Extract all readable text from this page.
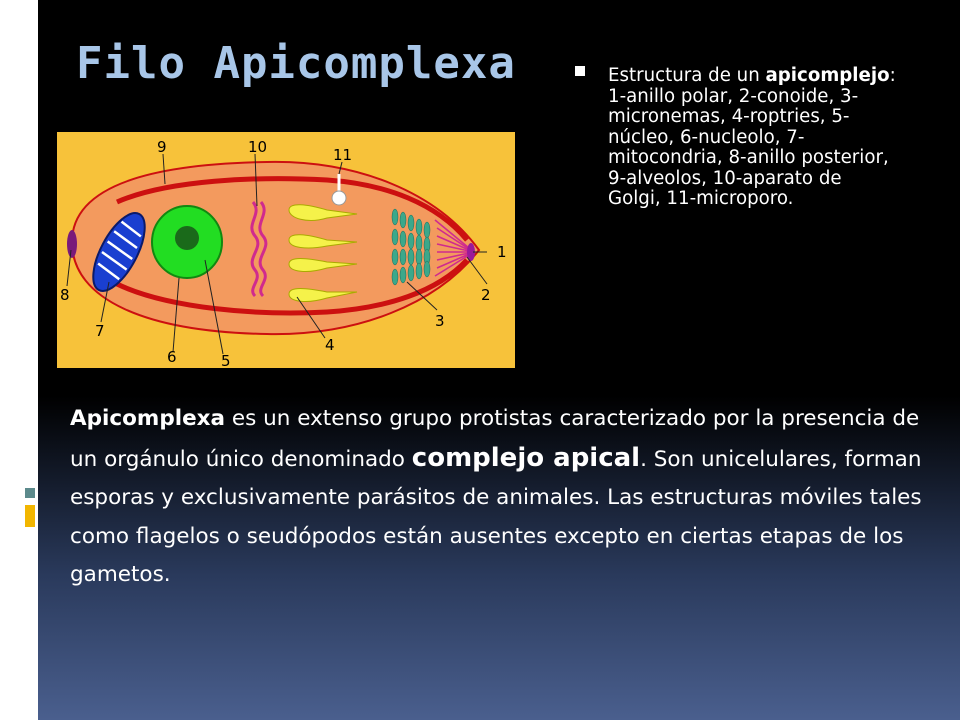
Filo Apicomplexa	Estructura de un apicomplejo: 1-anillo polar, 2-conoide, 3-micronemas, 4-roptries, 5-núcleo, 6-nucleolo, 7-mitocondria, 8-anillo posterior, 9-alveolos, 10-aparato de Golgi, 11-microporo.
9	10	11
1
2
3
4
5
6
7
8
Apicomplexa es un extenso grupo protistas caracterizado por la presencia de un orgánulo único denominado complejo apical. Son unicelulares, forman esporas y exclusivamente parásitos de animales. Las estructuras móviles tales como flagelos o seudópodos están ausentes excepto en ciertas etapas de los gametos.
